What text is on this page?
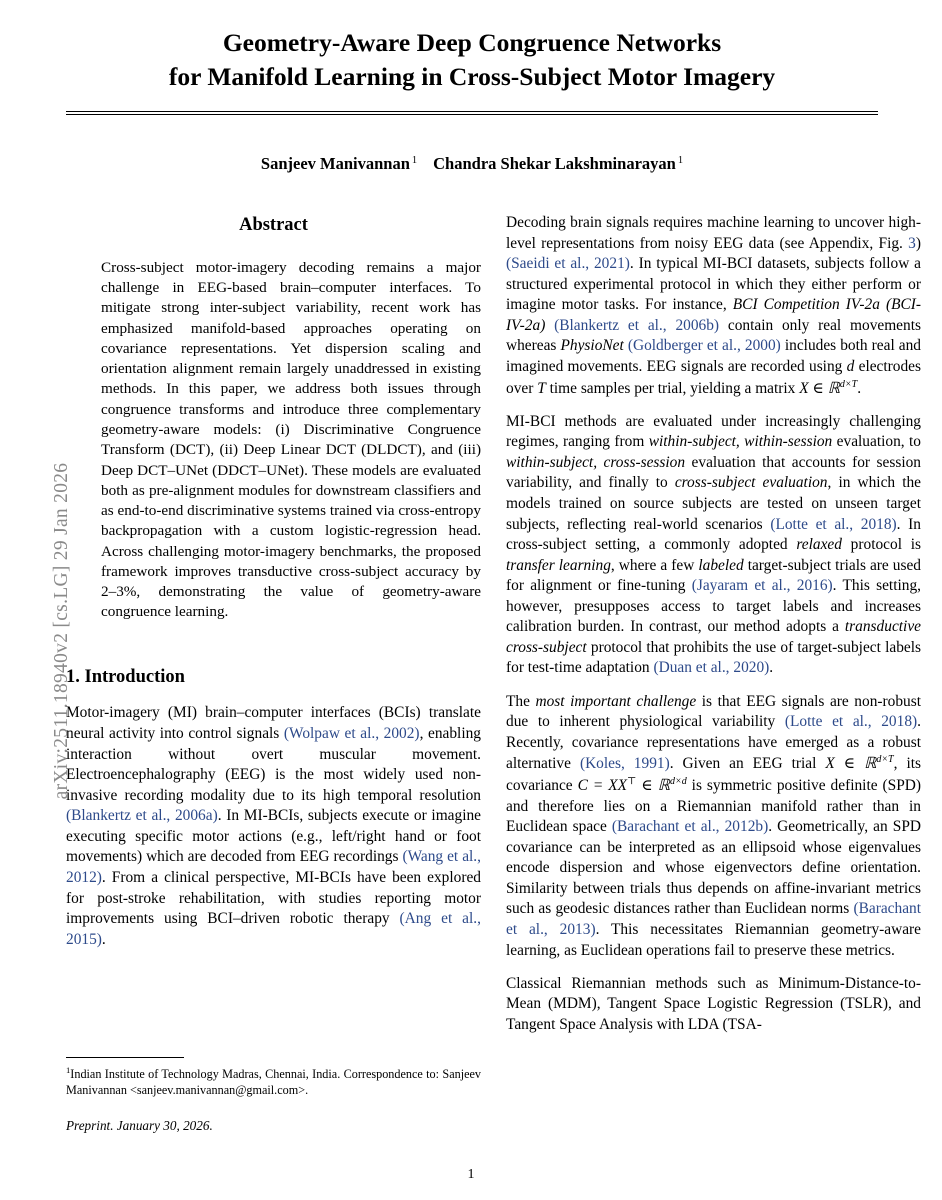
arXiv:2511.18940v2 [cs.LG] 29 Jan 2026
Geometry-Aware Deep Congruence Networks
for Manifold Learning in Cross-Subject Motor Imagery
Sanjeev Manivannan $^1$ Chandra Shekar Lakshminarayan $^1$
Abstract
Cross-subject motor-imagery decoding remains a major challenge in EEG-based brain–computer interfaces. To mitigate strong inter-subject variability, recent work has emphasized manifold-based approaches operating on covariance representations. Yet dispersion scaling and orientation alignment remain largely unaddressed in existing methods. In this paper, we address both issues through congruence transforms and introduce three complementary geometry-aware models: (i) Discriminative Congruence Transform (DCT), (ii) Deep Linear DCT (DLDCT), and (iii) Deep DCT–UNet (DDCT–UNet). These models are evaluated both as pre-alignment modules for downstream classifiers and as end-to-end discriminative systems trained via cross-entropy backpropagation with a custom logistic-regression head. Across challenging motor-imagery benchmarks, the proposed framework improves transductive cross-subject accuracy by 2–3%, demonstrating the value of geometry-aware congruence learning.
1. Introduction

Motor-imagery (MI) brain–computer interfaces (BCIs) translate neural activity into control signals (Wolpaw et al., 2002), enabling interaction without overt muscular movement. Electroencephalography (EEG) is the most widely used non-invasive recording modality due to its high temporal resolution (Blankertz et al., 2006a). In MI-BCIs, subjects execute or imagine executing specific motor actions (e.g., left/right hand or foot movements) which are decoded from EEG recordings (Wang et al., 2012). From a clinical perspective, MI-BCIs have been explored for post-stroke rehabilitation, with studies reporting motor improvements using BCI–driven robotic therapy (Ang et al., 2015).

Decoding brain signals requires machine learning to uncover high-level representations from noisy EEG data (see Appendix, Fig. 3) (Saeidi et al., 2021). In typical MI-BCI datasets, subjects follow a structured experimental protocol in which they either perform or imagine motor tasks. For instance, BCI Competition IV-2a (BCI-IV-2a) (Blankertz et al., 2006b) contain only real movements whereas PhysioNet (Goldberger et al., 2000) includes both real and imagined movements. EEG signals are recorded using d electrodes over T time samples per trial, yielding a matrix X ∈ ℝ$^{d\times T}$.

MI-BCI methods are evaluated under increasingly challenging regimes, ranging from within-subject, within-session evaluation, to within-subject, cross-session evaluation that accounts for session variability, and finally to cross-subject evaluation, in which the models trained on source subjects are tested on unseen target subjects, reflecting real-world scenarios (Lotte et al., 2018). In cross-subject setting, a commonly adopted relaxed protocol is transfer learning, where a few labeled target-subject trials are used for alignment or fine-tuning (Jayaram et al., 2016). This setting, however, presupposes access to target labels and increases calibration burden. In contrast, our method adopts a transductive cross-subject protocol that prohibits the use of target-subject labels for test-time adaptation (Duan et al., 2020).

The most important challenge is that EEG signals are non-robust due to inherent physiological variability (Lotte et al., 2018). Recently, covariance representations have emerged as a robust alternative (Koles, 1991). Given an EEG trial X ∈ ℝ$^{d\times T}$, its covariance C = XX⊤ ∈ ℝ$^{d\times d}$ is symmetric positive definite (SPD) and therefore lies on a Riemannian manifold rather than in Euclidean space (Barachant et al., 2012b). Geometrically, an SPD covariance can be interpreted as an ellipsoid whose eigenvalues encode dispersion and whose eigenvectors define orientation. Similarity between trials thus depends on affine-invariant metrics such as geodesic distances rather than Euclidean norms (Barachant et al., 2013). This necessitates Riemannian geometry-aware learning, as Euclidean operations fail to preserve these metrics.

Classical Riemannian methods such as Minimum-Distance-to-Mean (MDM), Tangent Space Logistic Regression (TSLR), and Tangent Space Analysis with LDA (TSA-

$^1$Indian Institute of Technology Madras, Chennai, India. Correspondence to: Sanjeev Manivannan <sanjeev.manivannan@gmail.com>.

Preprint. January 30, 2026.

1
